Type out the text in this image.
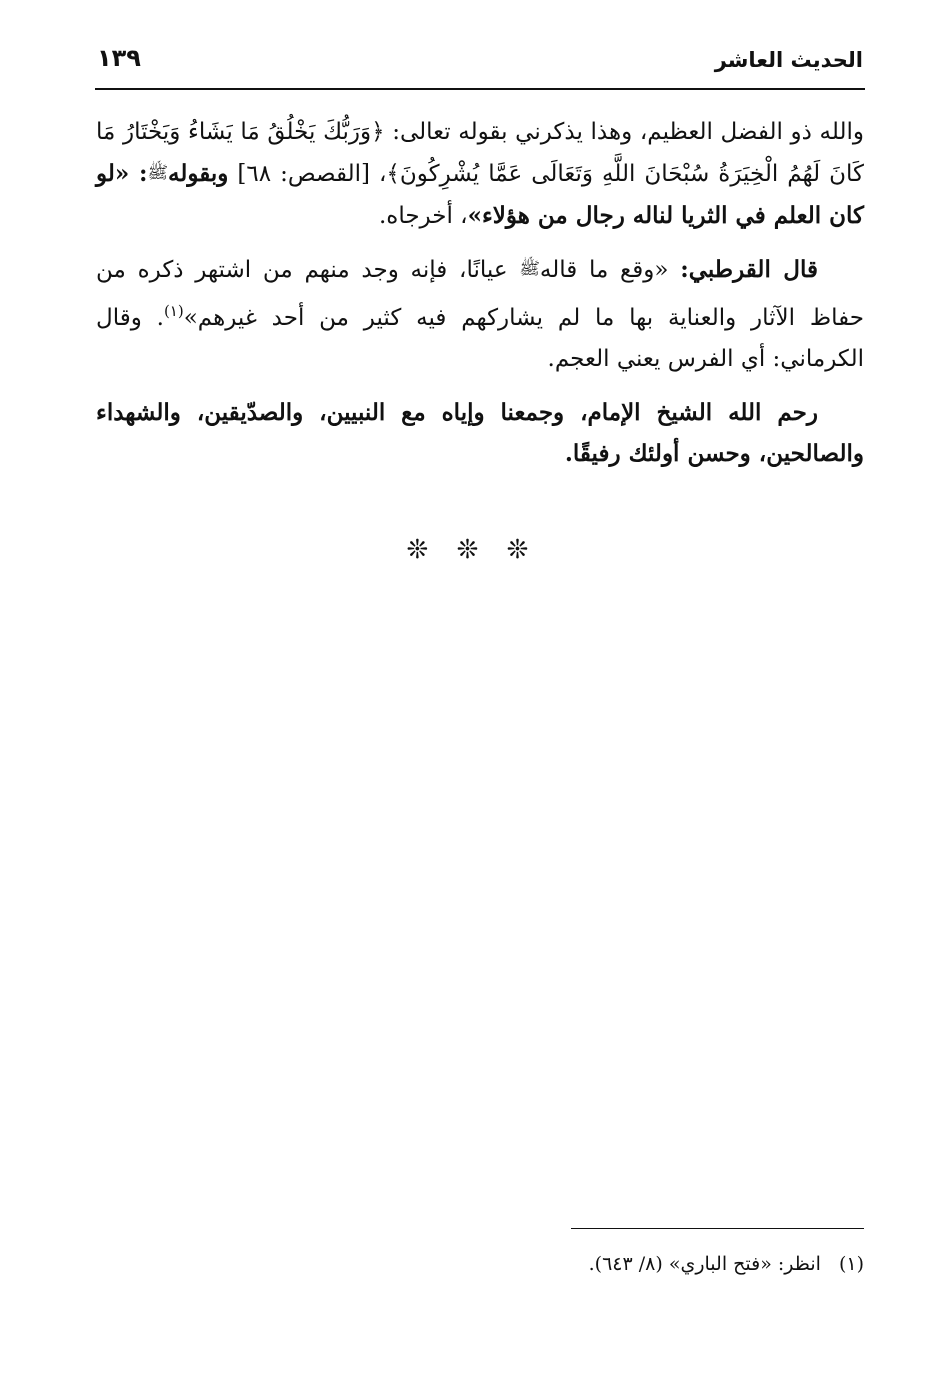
الحديث العاشر
١٣٩

والله ذو الفضل العظيم، وهذا يذكرني بقوله تعالى: ﴿وَرَبُّكَ يَخْلُقُ مَا يَشَاءُ وَيَخْتَارُ مَا كَانَ لَهُمُ الْخِيَرَةُ سُبْحَانَ اللَّهِ وَتَعَالَى عَمَّا يُشْرِكُونَ﴾، [القصص: ٦٨] وبقولهﷺ: «لو كان العلم في الثريا لناله رجال من هؤلاء»، أخرجاه.

قال القرطبي: «وقع ما قالهﷺ عيانًا، فإنه وجد منهم من اشتهر ذكره من حفاظ الآثار والعناية بها ما لم يشاركهم فيه كثير من أحد غيرهم»$^{(١)}$. وقال الكرماني: أي الفرس يعني العجم.

رحم الله الشيخ الإمام، وجمعنا وإياه مع النبيين، والصدّيقين، والشهداء والصالحين، وحسن أولئك رفيقًا.

❊ ❊ ❊
(١)انظر: «فتح الباري» (٨/ ٦٤٣).
